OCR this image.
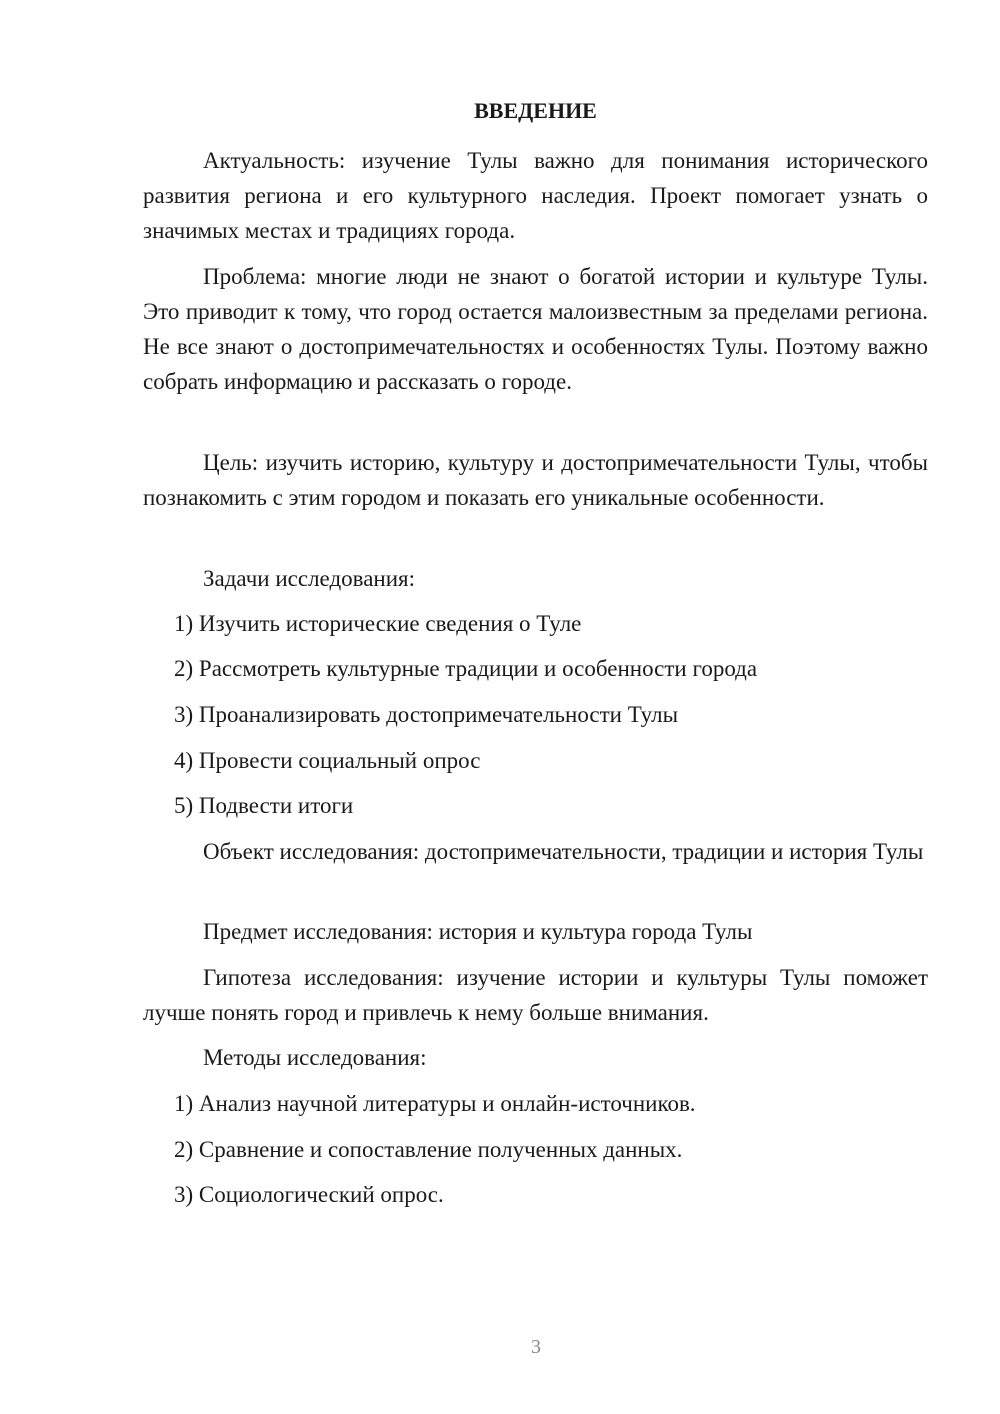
ВВЕДЕНИЕ

Актуальность: изучение Тулы важно для понимания исторического развития региона и его культурного наследия. Проект помогает узнать о значимых местах и традициях города.

Проблема: многие люди не знают о богатой истории и культуре Тулы. Это приводит к тому, что город остается малоизвестным за пределами региона. Не все знают о достопримечательностях и особенностях Тулы. Поэтому важно собрать информацию и рассказать о городе.

Цель: изучить историю, культуру и достопримечательности Тулы, чтобы познакомить с этим городом и показать его уникальные особенности.

Задачи исследования:

1) Изучить исторические сведения о Туле

2) Рассмотреть культурные традиции и особенности города

3) Проанализировать достопримечательности Тулы

4) Провести социальный опрос

5) Подвести итоги

Объект исследования: достопримечательности, традиции и история Тулы

Предмет исследования: история и культура города Тулы

Гипотеза исследования: изучение истории и культуры Тулы поможет лучше понять город и привлечь к нему больше внимания.

Методы исследования:

1) Анализ научной литературы и онлайн-источников.

2) Сравнение и сопоставление полученных данных.

3) Социологический опрос.

3
